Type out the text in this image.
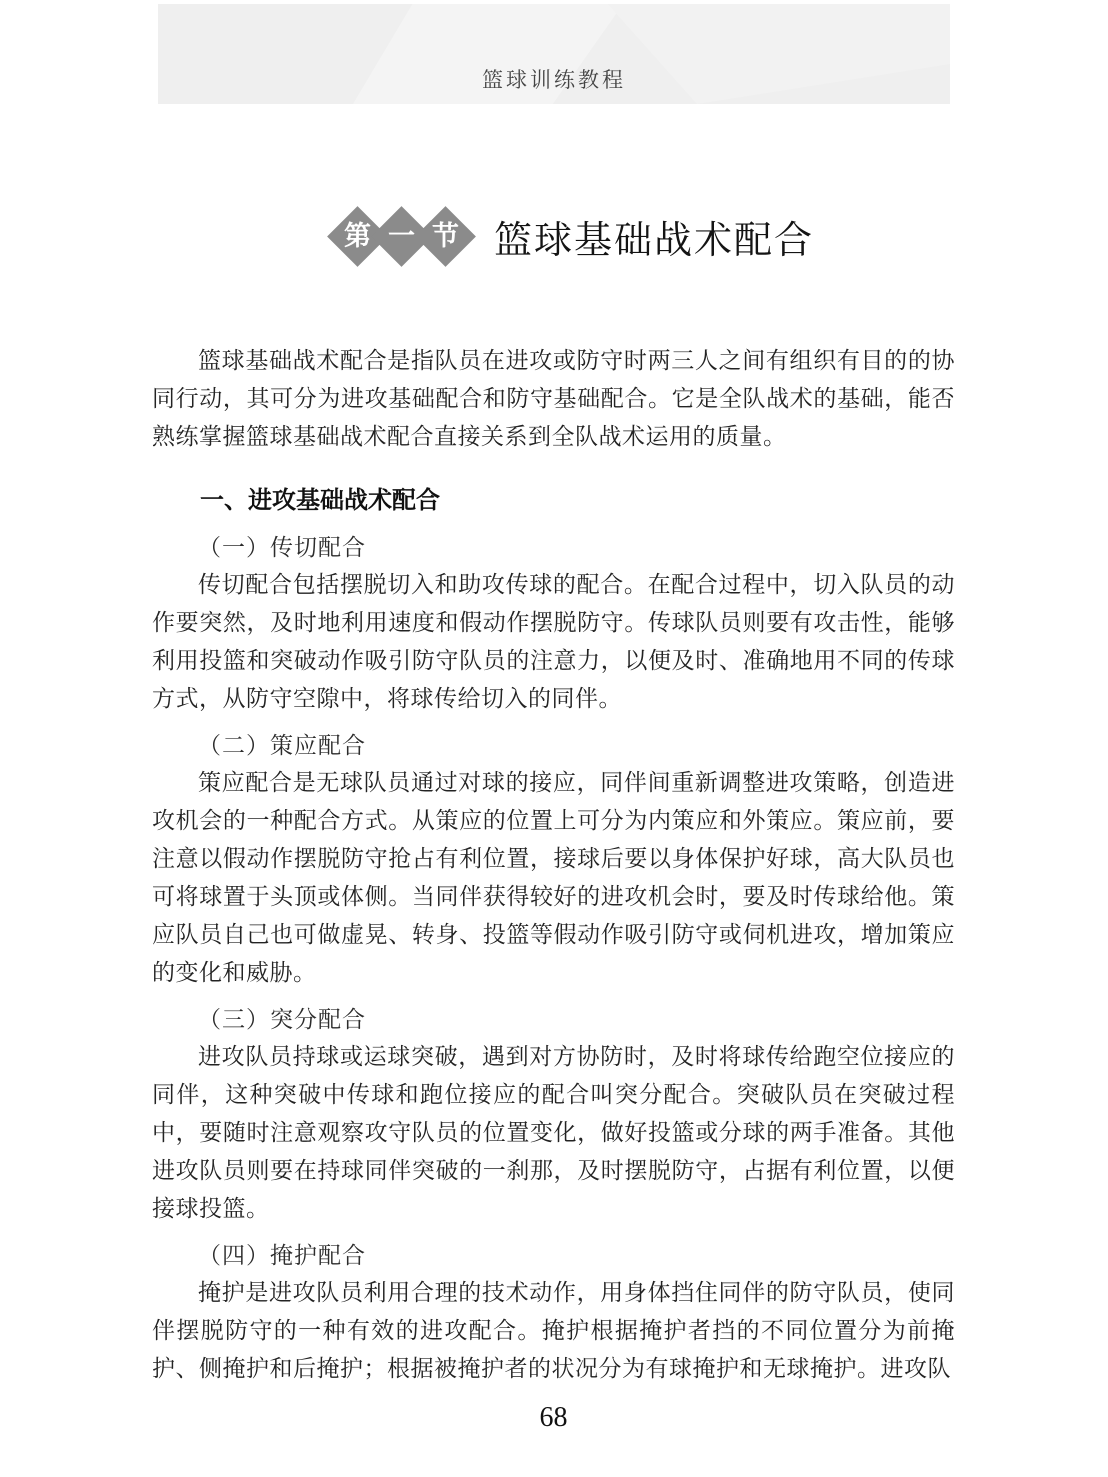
篮球训练教程
第 一 节 篮球基础战术配合

篮球基础战术配合是指队员在进攻或防守时两三人之间有组织有目的的协同行动，其可分为进攻基础配合和防守基础配合。它是全队战术的基础，能否熟练掌握篮球基础战术配合直接关系到全队战术运用的质量。

一、进攻基础战术配合
（一）传切配合

传切配合包括摆脱切入和助攻传球的配合。在配合过程中，切入队员的动作要突然，及时地利用速度和假动作摆脱防守。传球队员则要有攻击性，能够利用投篮和突破动作吸引防守队员的注意力，以便及时、准确地用不同的传球方式，从防守空隙中，将球传给切入的同伴。

（二）策应配合

策应配合是无球队员通过对球的接应，同伴间重新调整进攻策略，创造进攻机会的一种配合方式。从策应的位置上可分为内策应和外策应。策应前，要注意以假动作摆脱防守抢占有利位置，接球后要以身体保护好球，高大队员也可将球置于头顶或体侧。当同伴获得较好的进攻机会时，要及时传球给他。策应队员自己也可做虚晃、转身、投篮等假动作吸引防守或伺机进攻，增加策应的变化和威胁。

（三）突分配合

进攻队员持球或运球突破，遇到对方协防时，及时将球传给跑空位接应的同伴，这种突破中传球和跑位接应的配合叫突分配合。突破队员在突破过程中，要随时注意观察攻守队员的位置变化，做好投篮或分球的两手准备。其他进攻队员则要在持球同伴突破的一刹那，及时摆脱防守，占据有利位置，以便接球投篮。

（四）掩护配合

掩护是进攻队员利用合理的技术动作，用身体挡住同伴的防守队员，使同伴摆脱防守的一种有效的进攻配合。掩护根据掩护者挡的不同位置分为前掩护、侧掩护和后掩护；根据被掩护者的状况分为有球掩护和无球掩护。进攻队

68
